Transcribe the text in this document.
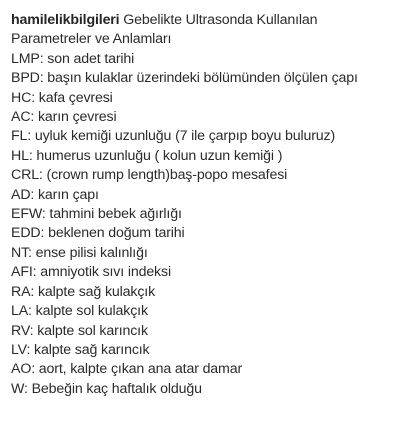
hamilelikbilgileri Gebelikte Ultrasonda Kullanılan Parametreler ve Anlamları

LMP: son adet tarihi
BPD: başın kulaklar üzerindeki bölümünden ölçülen çapı
HC: kafa çevresi
AC: karın çevresi
FL: uyluk kemiği uzunluğu (7 ile çarpıp boyu buluruz)
HL: humerus uzunluğu ( kolun uzun kemiği )
CRL: (crown rump length)baş-popo mesafesi
AD: karın çapı
EFW: tahmini bebek ağırlığı
EDD: beklenen doğum tarihi
NT: ense pilisi kalınlığı
AFI: amniyotik sıvı indeksi
RA: kalpte sağ kulakçık
LA: kalpte sol kulakçık
RV: kalpte sol karıncık
LV: kalpte sağ karıncık
AO: aort, kalpte çıkan ana atar damar
W: Bebeğin kaç haftalık olduğu
